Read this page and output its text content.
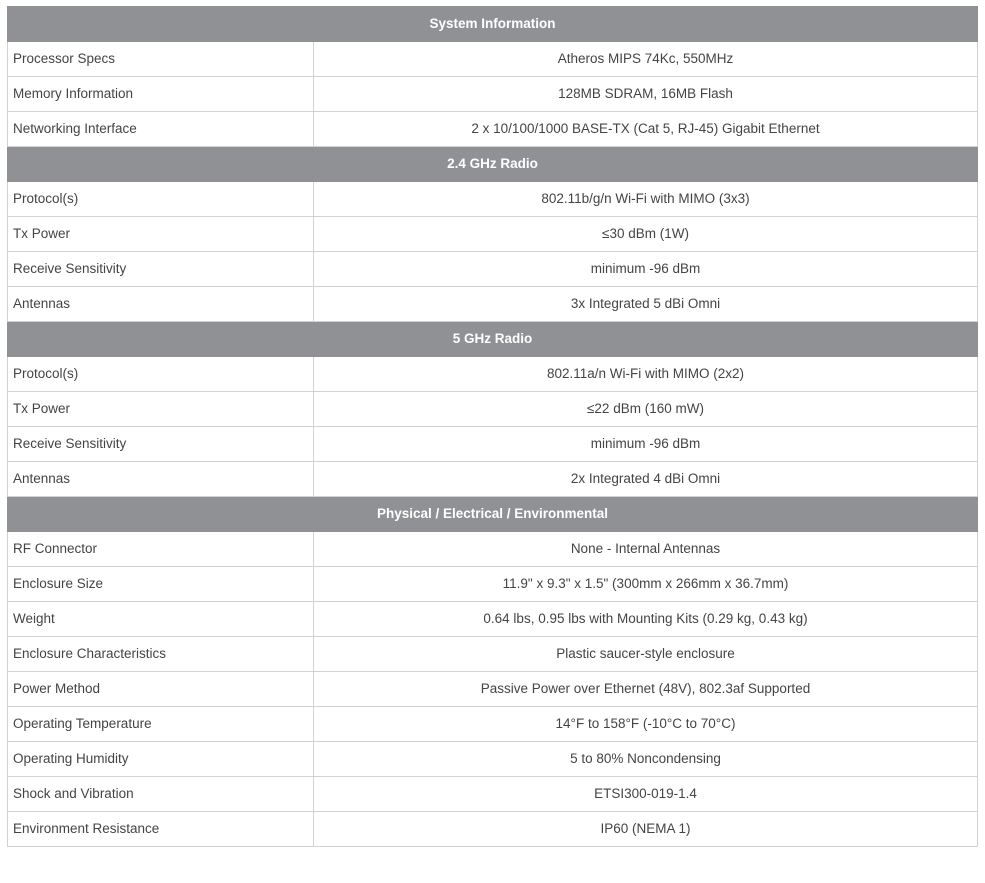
System Information	
Processor Specs	Atheros MIPS 74Kc, 550MHz
Memory Information	128MB SDRAM, 16MB Flash
Networking Interface	2 x 10/100/1000 BASE-TX (Cat 5, RJ-45) Gigabit Ethernet
2.4 GHz Radio	
Protocol(s)	802.11b/g/n Wi-Fi with MIMO (3x3)
Tx Power	≤30 dBm (1W)
Receive Sensitivity	minimum -96 dBm
Antennas	3x Integrated 5 dBi Omni
5 GHz Radio	
Protocol(s)	802.11a/n Wi-Fi with MIMO (2x2)
Tx Power	≤22 dBm (160 mW)
Receive Sensitivity	minimum -96 dBm
Antennas	2x Integrated 4 dBi Omni
Physical / Electrical / Environmental	
RF Connector	None - Internal Antennas
Enclosure Size	11.9" x 9.3" x 1.5" (300mm x 266mm x 36.7mm)
Weight	0.64 lbs, 0.95 lbs with Mounting Kits (0.29 kg, 0.43 kg)
Enclosure Characteristics	Plastic saucer-style enclosure
Power Method	Passive Power over Ethernet (48V), 802.3af Supported
Operating Temperature	14°F to 158°F (-10°C to 70°C)
Operating Humidity	5 to 80% Noncondensing
Shock and Vibration	ETSI300-019-1.4
Environment Resistance	IP60 (NEMA 1)
